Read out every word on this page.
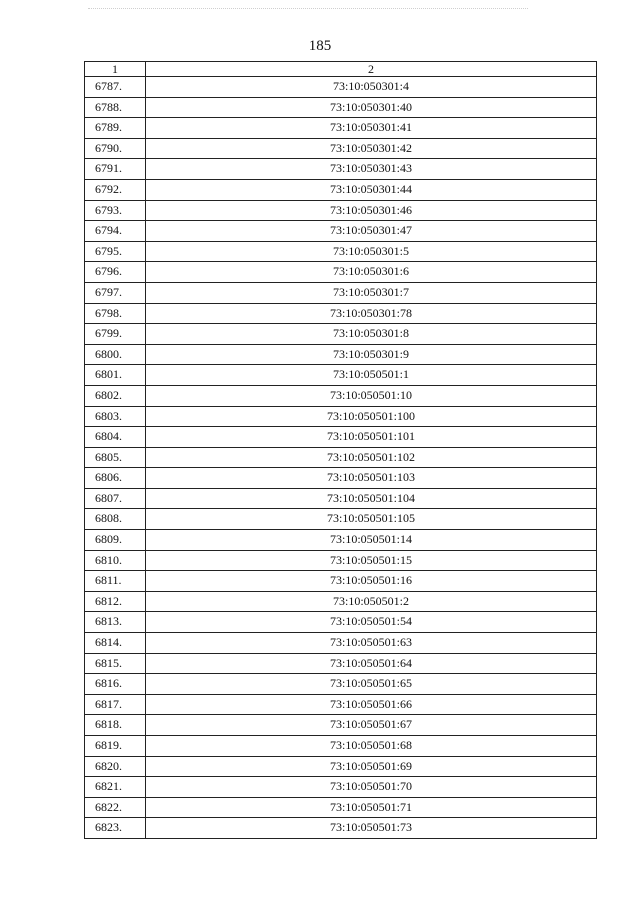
185
1	2
6787.	73:10:050301:4
6788.	73:10:050301:40
6789.	73:10:050301:41
6790.	73:10:050301:42
6791.	73:10:050301:43
6792.	73:10:050301:44
6793.	73:10:050301:46
6794.	73:10:050301:47
6795.	73:10:050301:5
6796.	73:10:050301:6
6797.	73:10:050301:7
6798.	73:10:050301:78
6799.	73:10:050301:8
6800.	73:10:050301:9
6801.	73:10:050501:1
6802.	73:10:050501:10
6803.	73:10:050501:100
6804.	73:10:050501:101
6805.	73:10:050501:102
6806.	73:10:050501:103
6807.	73:10:050501:104
6808.	73:10:050501:105
6809.	73:10:050501:14
6810.	73:10:050501:15
6811.	73:10:050501:16
6812.	73:10:050501:2
6813.	73:10:050501:54
6814.	73:10:050501:63
6815.	73:10:050501:64
6816.	73:10:050501:65
6817.	73:10:050501:66
6818.	73:10:050501:67
6819.	73:10:050501:68
6820.	73:10:050501:69
6821.	73:10:050501:70
6822.	73:10:050501:71
6823.	73:10:050501:73
